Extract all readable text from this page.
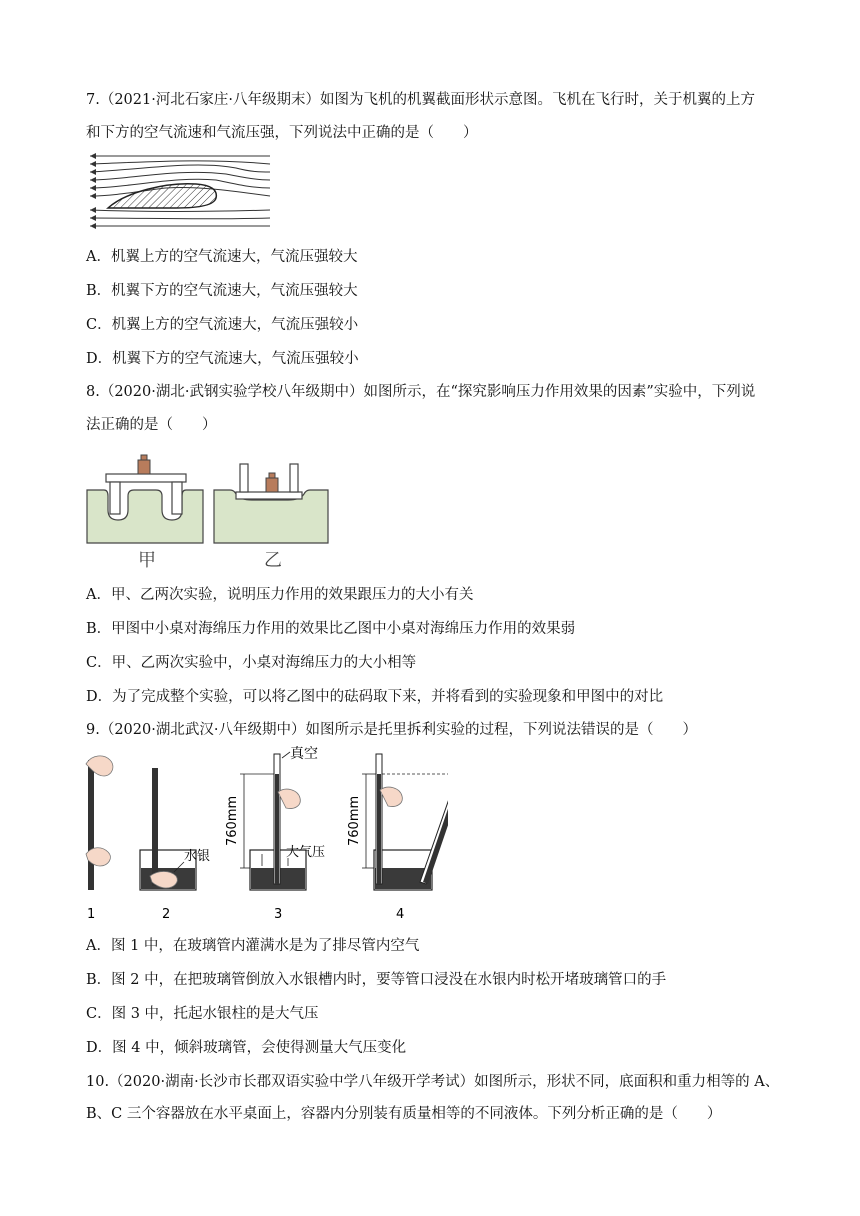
7.（2021·河北石家庄·八年级期末）如图为飞机的机翼截面形状示意图。飞机在飞行时，关于机翼的上方
和下方的空气流速和气流压强，下列说法中正确的是（　　）
A．机翼上方的空气流速大，气流压强较大
B．机翼下方的空气流速大，气流压强较大
C．机翼上方的空气流速大，气流压强较小
D．机翼下方的空气流速大，气流压强较小
8.（2020·湖北·武钢实验学校八年级期中）如图所示，在“探究影响压力作用效果的因素”实验中，下列说
法正确的是（　　）
甲	乙
A．甲、乙两次实验，说明压力作用的效果跟压力的大小有关
B．甲图中小桌对海绵压力作用的效果比乙图中小桌对海绵压力作用的效果弱
C．甲、乙两次实验中，小桌对海绵压力的大小相等
D．为了完成整个实验，可以将乙图中的砝码取下来，并将看到的实验现象和甲图中的对比
9.（2020·湖北武汉·八年级期中）如图所示是托里拆利实验的过程，下列说法错误的是（　　）
1
水银
2
真空
760mm
大气压
3
760mm
4
A．图 1 中，在玻璃管内灌满水是为了排尽管内空气
B．图 2 中，在把玻璃管倒放入水银槽内时，要等管口浸没在水银内时松开堵玻璃管口的手
C．图 3 中，托起水银柱的是大气压
D．图 4 中，倾斜玻璃管，会使得测量大气压变化
10.（2020·湖南·长沙市长郡双语实验中学八年级开学考试）如图所示，形状不同，底面积和重力相等的 A、
B、C 三个容器放在水平桌面上，容器内分别装有质量相等的不同液体。下列分析正确的是（　　）
